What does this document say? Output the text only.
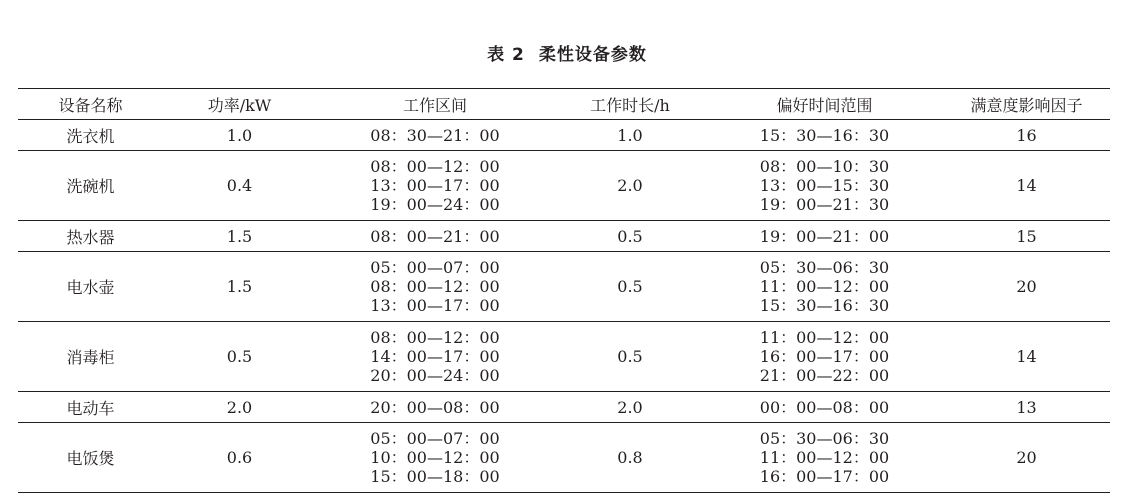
表 2 柔性设备参数
设备名称	功率/kW	工作区间	工作时长/h	偏好时间范围	满意度影响因子
洗衣机	1.0	08：30—21：00	1.0	15：30—16：30	16
洗碗机	0.4	08：00—12：00
13：00—17：00
19：00—24：00	2.0	08：00—10：30
13：00—15：30
19：00—21：30	14
热水器	1.5	08：00—21：00	0.5	19：00—21：00	15
电水壶	1.5	05：00—07：00
08：00—12：00
13：00—17：00	0.5	05：30—06：30
11：00—12：00
15：30—16：30	20
消毒柜	0.5	08：00—12：00
14：00—17：00
20：00—24：00	0.5	11：00—12：00
16：00—17：00
21：00—22：00	14
电动车	2.0	20：00—08：00	2.0	00：00—08：00	13
电饭煲	0.6	05：00—07：00
10：00—12：00
15：00—18：00	0.8	05：30—06：30
11：00—12：00
16：00—17：00	20
